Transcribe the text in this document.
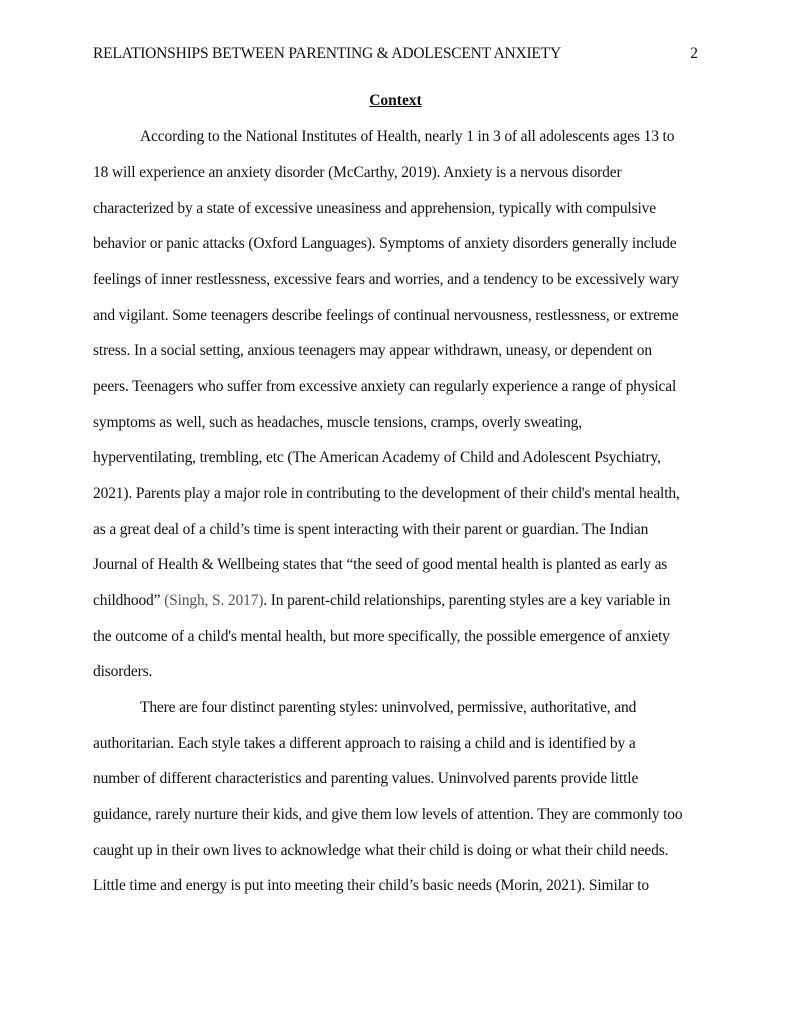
RELATIONSHIPS BETWEEN PARENTING & ADOLESCENT ANXIETY	2
Context
According to the National Institutes of Health, nearly 1 in 3 of all adolescents ages 13 to
18 will experience an anxiety disorder (McCarthy, 2019). Anxiety is a nervous disorder
characterized by a state of excessive uneasiness and apprehension, typically with compulsive
behavior or panic attacks (Oxford Languages). Symptoms of anxiety disorders generally include
feelings of inner restlessness, excessive fears and worries, and a tendency to be excessively wary
and vigilant. Some teenagers describe feelings of continual nervousness, restlessness, or extreme
stress. In a social setting, anxious teenagers may appear withdrawn, uneasy, or dependent on
peers. Teenagers who suffer from excessive anxiety can regularly experience a range of physical
symptoms as well, such as headaches, muscle tensions, cramps, overly sweating,
hyperventilating, trembling, etc (The American Academy of Child and Adolescent Psychiatry,
2021). Parents play a major role in contributing to the development of their child's mental health,
as a great deal of a child’s time is spent interacting with their parent or guardian. The Indian
Journal of Health & Wellbeing states that “the seed of good mental health is planted as early as
childhood” (Singh, S. 2017). In parent-child relationships, parenting styles are a key variable in
the outcome of a child's mental health, but more specifically, the possible emergence of anxiety
disorders.
There are four distinct parenting styles: uninvolved, permissive, authoritative, and
authoritarian. Each style takes a different approach to raising a child and is identified by a
number of different characteristics and parenting values. Uninvolved parents provide little
guidance, rarely nurture their kids, and give them low levels of attention. They are commonly too
caught up in their own lives to acknowledge what their child is doing or what their child needs.
Little time and energy is put into meeting their child’s basic needs (Morin, 2021). Similar to
